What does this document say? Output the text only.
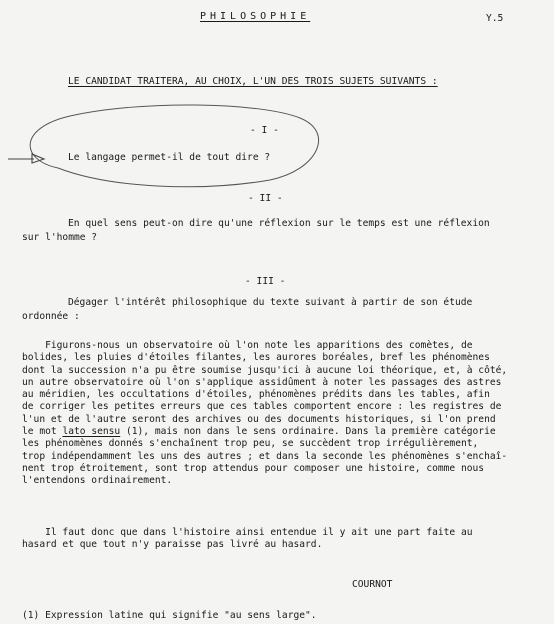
PHILOSOPHIE	Y.5
LE CANDIDAT TRAITERA, AU CHOIX, L'UN DES TROIS SUJETS SUIVANTS :
- I -
Le langage permet-il de tout dire ?
- II -
En quel sens peut-on dire qu'une réflexion sur le temps est une réflexion
sur l'homme ?
- III -
Dégager l'intérêt philosophique du texte suivant à partir de son étude
ordonnée :
Figurons-nous un observatoire où l'on note les apparitions des comètes, de
bolides, les pluies d'étoiles filantes, les aurores boréales, bref les phénomènes
dont la succession n'a pu être soumise jusqu'ici à aucune loi théorique, et, à côté,
un autre observatoire où l'on s'applique assidûment à noter les passages des astres
au méridien, les occultations d'étoiles, phénomènes prédits dans les tables, afin
de corriger les petites erreurs que ces tables comportent encore : les registres de
l'un et de l'autre seront des archives ou des documents historiques, si l'on prend
le mot lato sensu (1), mais non dans le sens ordinaire. Dans la première catégorie
les phénomènes donnés s'enchaînent trop peu, se succèdent trop irrégulièrement,
trop indépendamment les uns des autres ; et dans la seconde les phénomènes s'enchaî-
nent trop étroitement, sont trop attendus pour composer une histoire, comme nous
l'entendons ordinairement.
Il faut donc que dans l'histoire ainsi entendue il y ait une part faite au
hasard et que tout n'y paraisse pas livré au hasard.
COURNOT
(1) Expression latine qui signifie "au sens large".
